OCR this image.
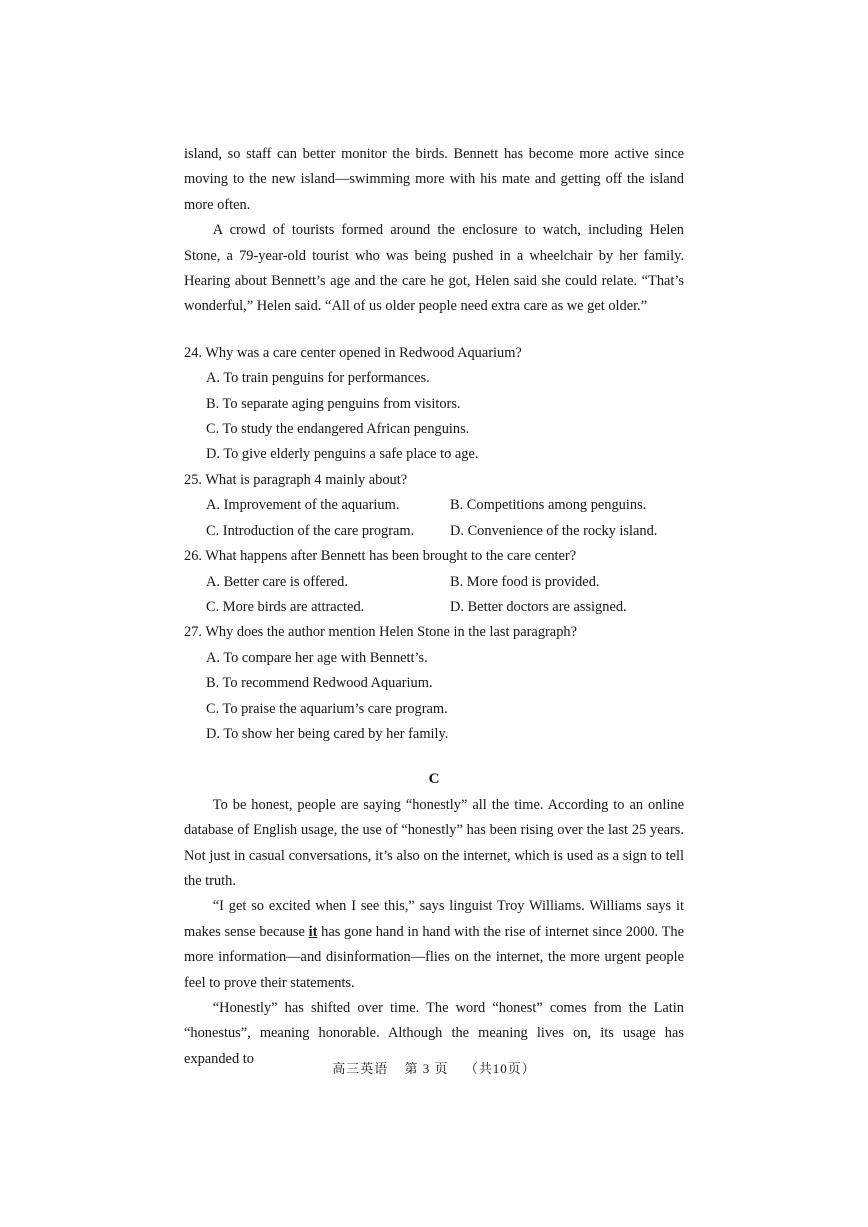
island, so staff can better monitor the birds. Bennett has become more active since moving to the new island—swimming more with his mate and getting off the island more often.

A crowd of tourists formed around the enclosure to watch, including Helen Stone, a 79-year-old tourist who was being pushed in a wheelchair by her family. Hearing about Bennett’s age and the care he got, Helen said she could relate. “That’s wonderful,” Helen said. “All of us older people need extra care as we get older.”

24. Why was a care center opened in Redwood Aquarium?

A. To train penguins for performances.

B. To separate aging penguins from visitors.

C. To study the endangered African penguins.

D. To give elderly penguins a safe place to age.

25. What is paragraph 4 mainly about?

A. Improvement of the aquarium.	B. Competitions among penguins.
C. Introduction of the care program.	D. Convenience of the rocky island.

26. What happens after Bennett has been brought to the care center?

A. Better care is offered.	B. More food is provided.
C. More birds are attracted.	D. Better doctors are assigned.

27. Why does the author mention Helen Stone in the last paragraph?

A. To compare her age with Bennett’s.

B. To recommend Redwood Aquarium.

C. To praise the aquarium’s care program.

D. To show her being cared by her family.

C

To be honest, people are saying “honestly” all the time. According to an online database of English usage, the use of “honestly” has been rising over the last 25 years. Not just in casual conversations, it’s also on the internet, which is used as a sign to tell the truth.

“I get so excited when I see this,” says linguist Troy Williams. Williams says it makes sense because it has gone hand in hand with the rise of internet since 2000. The more information—and disinformation—flies on the internet, the more urgent people feel to prove their statements.

“Honestly” has shifted over time. The word “honest” comes from the Latin “honestus”, meaning honorable. Although the meaning lives on, its usage has expanded to

高三英语 第 3 页 （共10页）
